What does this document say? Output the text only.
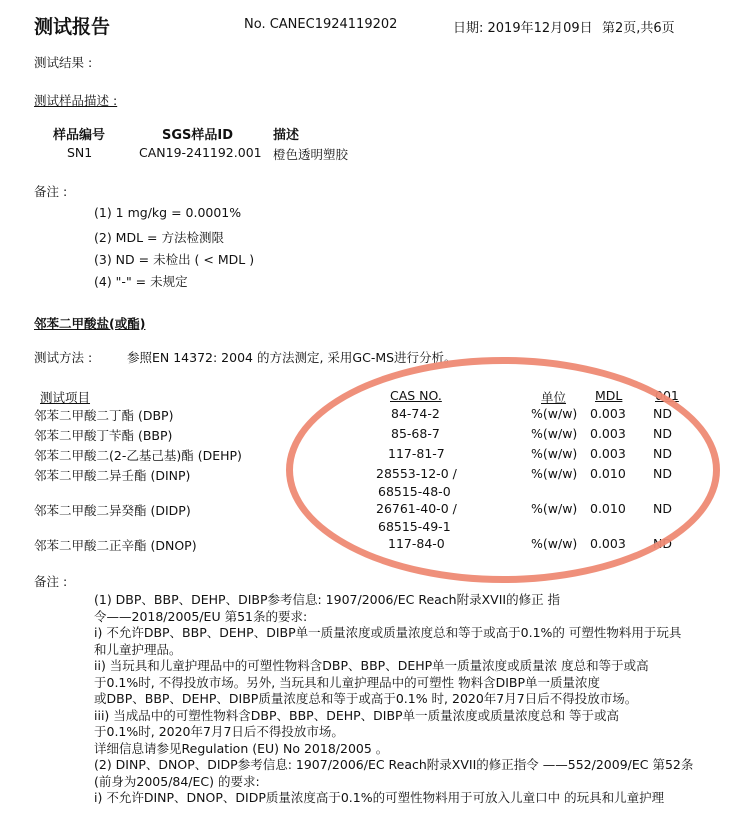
测试报告	No. CANEC1924119202	日期: 2019年12月09日 第2页,共6页
测试结果 :
测试样品描述 :
样品编号	SGS样品ID	描述
SN1	CAN19-241192.001 橙色透明塑胶
备注 :
(1) 1 mg/kg = 0.0001%
(2) MDL = 方法检测限
(3) ND = 未检出 ( < MDL )
(4) "-" = 未规定
邻苯二甲酸盐(或酯)
测试方法 :	参照EN 14372: 2004 的方法测定, 采用GC-MS进行分析。
测试项目	CAS NO.	单位 MDL	001
邻苯二甲酸二丁酯 (DBP)	84-74-2	%(w/w) 0.003 ND
邻苯二甲酸丁苄酯 (BBP)	85-68-7	%(w/w) 0.003 ND
邻苯二甲酸二(2-乙基己基)酯 (DEHP)	117-81-7	%(w/w) 0.003 ND
邻苯二甲酸二异壬酯 (DINP)	28553-12-0 /
68515-48-0
%(w/w) 0.010 ND
邻苯二甲酸二异癸酯 (DIDP)	26761-40-0 /
68515-49-1
%(w/w) 0.010 ND
邻苯二甲酸二正辛酯 (DNOP)	117-84-0	%(w/w) 0.003 ND
备注 :
(1) DBP、BBP、DEHP、DIBP参考信息: 1907/2006/EC Reach附录XVII的修正 指
令——2018/2005/EU 第51条的要求:
i) 不允许DBP、BBP、DEHP、DIBP单一质量浓度或质量浓度总和等于或高于0.1%的 可塑性物料用于玩具
和儿童护理品。
ii) 当玩具和儿童护理品中的可塑性物料含DBP、BBP、DEHP单一质量浓度或质量浓 度总和等于或高
于0.1%时, 不得投放市场。另外, 当玩具和儿童护理品中的可塑性 物料含DIBP单一质量浓度
或DBP、BBP、DEHP、DIBP质量浓度总和等于或高于0.1% 时, 2020年7月7日后不得投放市场。
iii) 当成品中的可塑性物料含DBP、BBP、DEHP、DIBP单一质量浓度或质量浓度总和 等于或高
于0.1%时, 2020年7月7日后不得投放市场。
详细信息请参见Regulation (EU) No 2018/2005 。
(2) DINP、DNOP、DIDP参考信息: 1907/2006/EC Reach附录XVII的修正指令 ——552/2009/EC 第52条
(前身为2005/84/EC) 的要求:
i) 不允许DINP、DNOP、DIDP质量浓度高于0.1%的可塑性物料用于可放入儿童口中 的玩具和儿童护理
